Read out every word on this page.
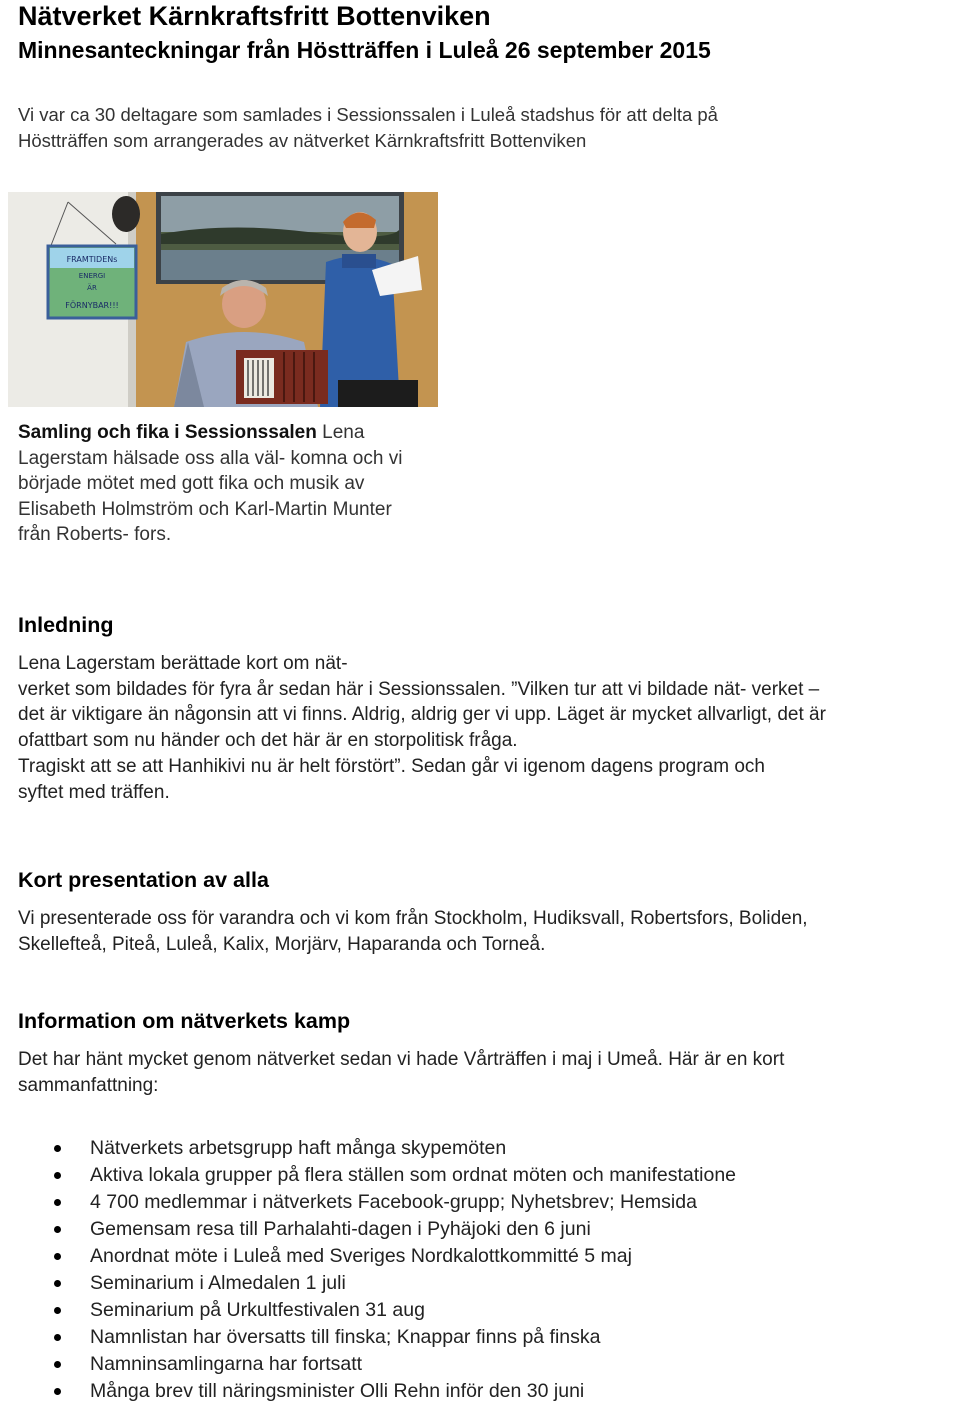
Nätverket Kärnkraftsfritt Bottenviken
Minnesanteckningar från Höstträffen i Luleå 26 september 2015
Vi var ca 30 deltagare som samlades i Sessionssalen i Luleå stadshus för att delta på
Höstträffen som arrangerades av nätverket Kärnkraftsfritt Bottenviken
FRAMTIDENs
ENERGI
ÄR
FÖRNYBAR!!!
Samling och fika i Sessionssalen Lena
Lagerstam hälsade oss alla väl- komna och vi
började mötet med gott fika och musik av
Elisabeth Holmström och Karl-Martin Munter
från Roberts- fors.
Inledning
Lena Lagerstam berättade kort om nät-
verket som bildades för fyra år sedan här i Sessionssalen. ”Vilken tur att vi bildade nät- verket –
det är viktigare än någonsin att vi finns. Aldrig, aldrig ger vi upp. Läget är mycket allvarligt, det är
ofattbart som nu händer och det här är en storpolitisk fråga.
Tragiskt att se att Hanhikivi nu är helt förstört”. Sedan går vi igenom dagens program och
syftet med träffen.
Kort presentation av alla
Vi presenterade oss för varandra och vi kom från Stockholm, Hudiksvall, Robertsfors, Boliden,
Skellefteå, Piteå, Luleå, Kalix, Morjärv, Haparanda och Torneå.
Information om nätverkets kamp
Det har hänt mycket genom nätverket sedan vi hade Vårträffen i maj i Umeå. Här är en kort
sammanfattning:
Nätverkets arbetsgrupp haft många skypemöten
Aktiva lokala grupper på flera ställen som ordnat möten och manifestatione
4 700 medlemmar i nätverkets Facebook-grupp; Nyhetsbrev; Hemsida
Gemensam resa till Parhalahti-dagen i Pyhäjoki den 6 juni
Anordnat möte i Luleå med Sveriges Nordkalottkommitté 5 maj
Seminarium i Almedalen 1 juli
Seminarium på Urkultfestivalen 31 aug
Namnlistan har översatts till finska; Knappar finns på finska
Namninsamlingarna har fortsatt
Många brev till näringsminister Olli Rehn inför den 30 juni
